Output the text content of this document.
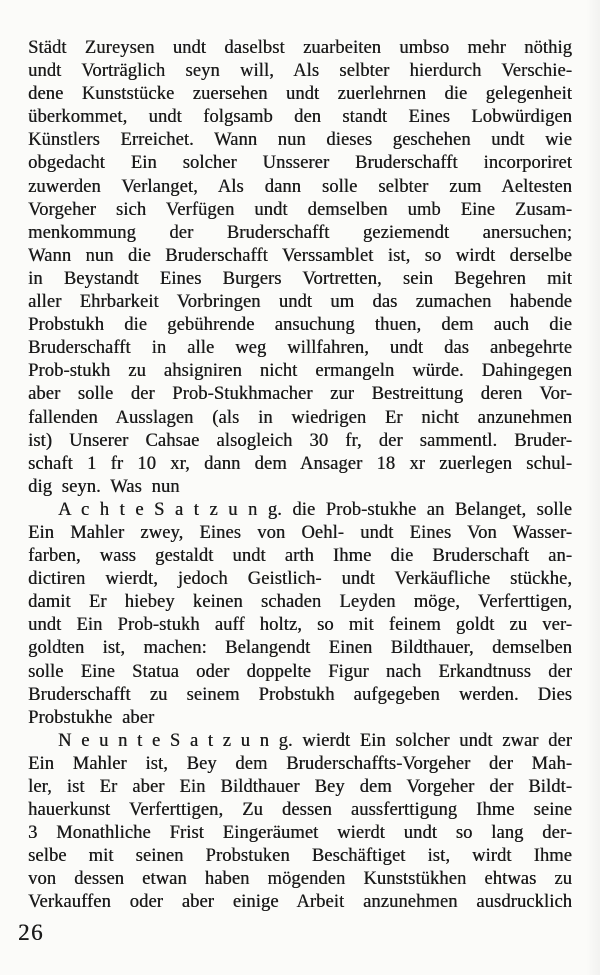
Städt Zureysen undt daselbst zuarbeiten umbso mehr nöthig
undt Vorträglich seyn will, Als selbter hierdurch Verschie-
dene Kunststücke zuersehen undt zuerlehrnen die gelegenheit
überkommet, undt folgsamb den standt Eines Lobwürdigen
Künstlers Erreichet. Wann nun dieses geschehen undt wie
obgedacht Ein solcher Unsserer Bruderschafft incorporiret
zuwerden Verlanget, Als dann solle selbter zum Aeltesten
Vorgeher sich Verfügen undt demselben umb Eine Zusam-
menkommung der Bruderschafft geziemendt anersuchen;
Wann nun die Bruderschafft Verssamblet ist, so wirdt derselbe
in Beystandt Eines Burgers Vortretten, sein Begehren mit
aller Ehrbarkeit Vorbringen undt um das zumachen habende
Probstukh die gebührende ansuchung thuen, dem auch die
Bruderschafft in alle weg willfahren, undt das anbegehrte
Prob-stukh zu ahsigniren nicht ermangeln würde. Dahingegen
aber solle der Prob-Stukhmacher zur Bestreittung deren Vor-
fallenden Ausslagen (als in wiedrigen Er nicht anzunehmen
ist) Unserer Cahsae alsogleich 30 fr, der sammentl. Bruder-
schaft 1 fr 10 xr, dann dem Ansager 18 xr zuerlegen schul-
dig seyn. Was nun
A c h t e S a t z u n g. die Prob-stukhe an Belanget, solle
Ein Mahler zwey, Eines von Oehl- undt Eines Von Wasser-
farben, wass gestaldt undt arth Ihme die Bruderschaft an-
dictiren wierdt, jedoch Geistlich- undt Verkäufliche stückhe,
damit Er hiebey keinen schaden Leyden möge, Verferttigen,
undt Ein Prob-stukh auff holtz, so mit feinem goldt zu ver-
goldten ist, machen: Belangendt Einen Bildthauer, demselben
solle Eine Statua oder doppelte Figur nach Erkandtnuss der
Bruderschafft zu seinem Probstukh aufgegeben werden. Dies
Probstukhe aber
N e u n t e S a t z u n g. wierdt Ein solcher undt zwar der
Ein Mahler ist, Bey dem Bruderschaffts-Vorgeher der Mah-
ler, ist Er aber Ein Bildthauer Bey dem Vorgeher der Bildt-
hauerkunst Verferttigen, Zu dessen aussferttigung Ihme seine
3 Monathliche Frist Eingeräumet wierdt undt so lang der-
selbe mit seinen Probstuken Beschäftiget ist, wirdt Ihme
von dessen etwan haben mögenden Kunststükhen ehtwas zu
Verkauffen oder aber einige Arbeit anzunehmen ausdrucklich
26
